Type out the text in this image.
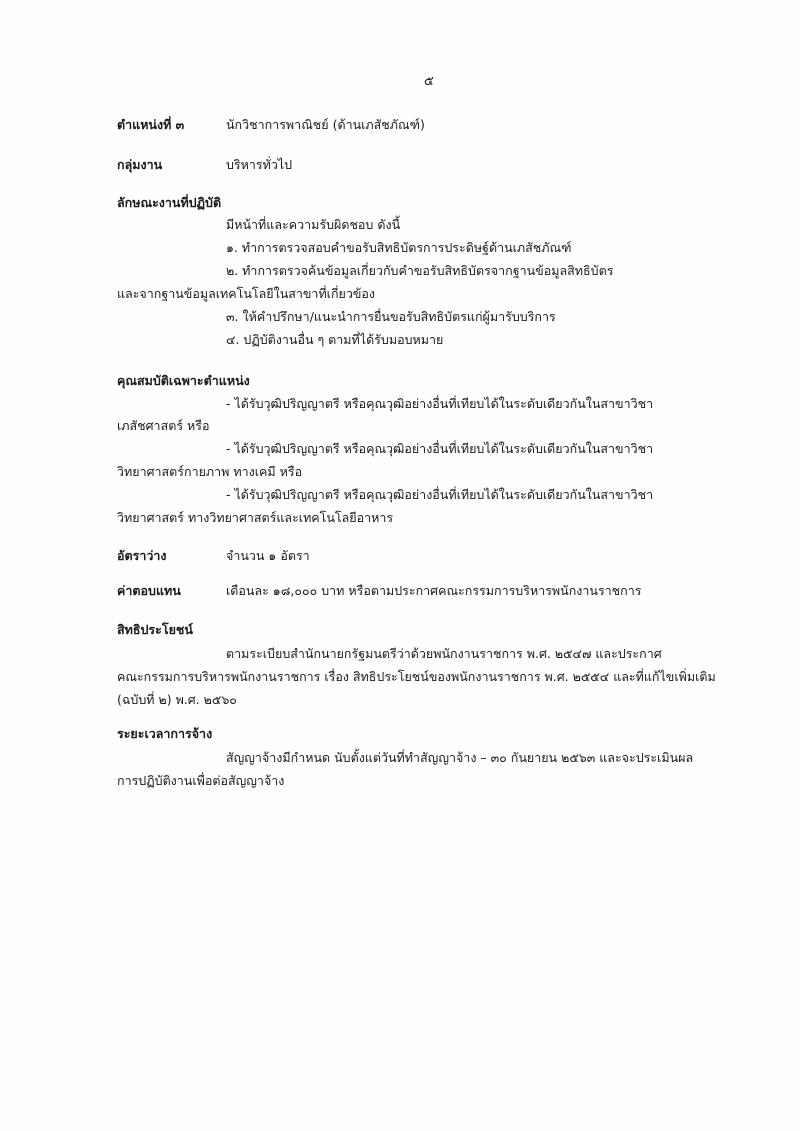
๕
ตำแหน่งที่ ๓	นักวิชาการพาณิชย์ (ด้านเภสัชภัณฑ์)
กลุ่มงาน	บริหารทั่วไป
ลักษณะงานที่ปฏิบัติ
มีหน้าที่และความรับผิดชอบ ดังนี้
๑. ทำการตรวจสอบคำขอรับสิทธิบัตรการประดิษฐ์ด้านเภสัชภัณฑ์
๒. ทำการตรวจค้นข้อมูลเกี่ยวกับคำขอรับสิทธิบัตรจากฐานข้อมูลสิทธิบัตร
และจากฐานข้อมูลเทคโนโลยีในสาขาที่เกี่ยวข้อง
๓. ให้คำปรึกษา/แนะนำการยื่นขอรับสิทธิบัตรแก่ผู้มารับบริการ
๔. ปฏิบัติงานอื่น ๆ ตามที่ได้รับมอบหมาย
คุณสมบัติเฉพาะตำแหน่ง
- ได้รับวุฒิปริญญาตรี หรือคุณวุฒิอย่างอื่นที่เทียบได้ในระดับเดียวกันในสาขาวิชา
เภสัชศาสตร์ หรือ
- ได้รับวุฒิปริญญาตรี หรือคุณวุฒิอย่างอื่นที่เทียบได้ในระดับเดียวกันในสาขาวิชา
วิทยาศาสตร์กายภาพ ทางเคมี หรือ
- ได้รับวุฒิปริญญาตรี หรือคุณวุฒิอย่างอื่นที่เทียบได้ในระดับเดียวกันในสาขาวิชา
วิทยาศาสตร์ ทางวิทยาศาสตร์และเทคโนโลยีอาหาร
อัตราว่าง	จำนวน ๑ อัตรา
ค่าตอบแทน	เดือนละ ๑๘,๐๐๐ บาท หรือตามประกาศคณะกรรมการบริหารพนักงานราชการ
สิทธิประโยชน์
ตามระเบียบสำนักนายกรัฐมนตรีว่าด้วยพนักงานราชการ พ.ศ. ๒๕๔๗ และประกาศ
คณะกรรมการบริหารพนักงานราชการ เรื่อง สิทธิประโยชน์ของพนักงานราชการ พ.ศ. ๒๕๕๔ และที่แก้ไขเพิ่มเติม
(ฉบับที่ ๒) พ.ศ. ๒๕๖๐
ระยะเวลาการจ้าง
สัญญาจ้างมีกำหนด นับตั้งแต่วันที่ทำสัญญาจ้าง – ๓๐ กันยายน ๒๕๖๓ และจะประเมินผล
การปฏิบัติงานเพื่อต่อสัญญาจ้าง
